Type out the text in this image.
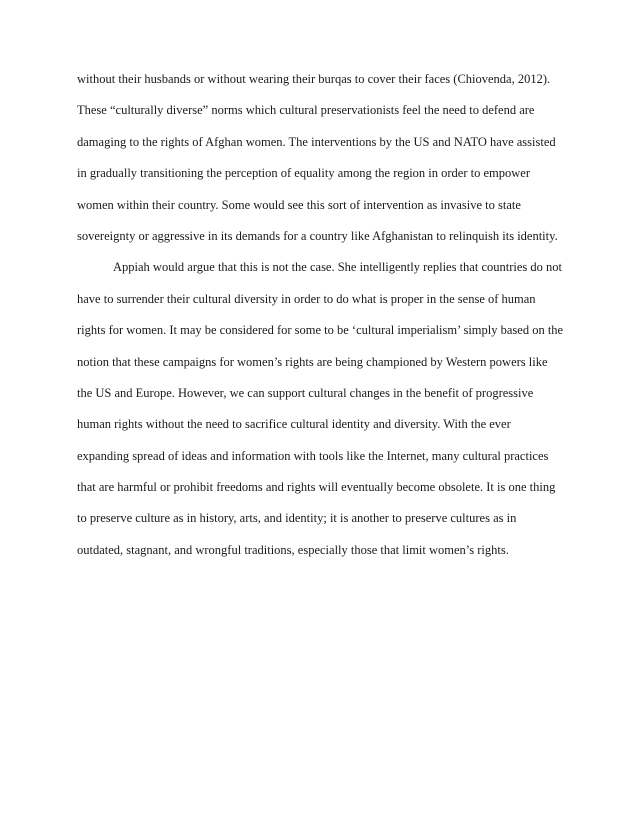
without their husbands or without wearing their burqas to cover their faces (Chiovenda, 2012).
These “culturally diverse” norms which cultural preservationists feel the need to defend are
damaging to the rights of Afghan women. The interventions by the US and NATO have assisted
in gradually transitioning the perception of equality among the region in order to empower
women within their country. Some would see this sort of intervention as invasive to state
sovereignty or aggressive in its demands for a country like Afghanistan to relinquish its identity.
Appiah would argue that this is not the case. She intelligently replies that countries do not
have to surrender their cultural diversity in order to do what is proper in the sense of human
rights for women. It may be considered for some to be ‘cultural imperialism’ simply based on the
notion that these campaigns for women’s rights are being championed by Western powers like
the US and Europe. However, we can support cultural changes in the benefit of progressive
human rights without the need to sacrifice cultural identity and diversity. With the ever
expanding spread of ideas and information with tools like the Internet, many cultural practices
that are harmful or prohibit freedoms and rights will eventually become obsolete. It is one thing
to preserve culture as in history, arts, and identity; it is another to preserve cultures as in
outdated, stagnant, and wrongful traditions, especially those that limit women’s rights.
